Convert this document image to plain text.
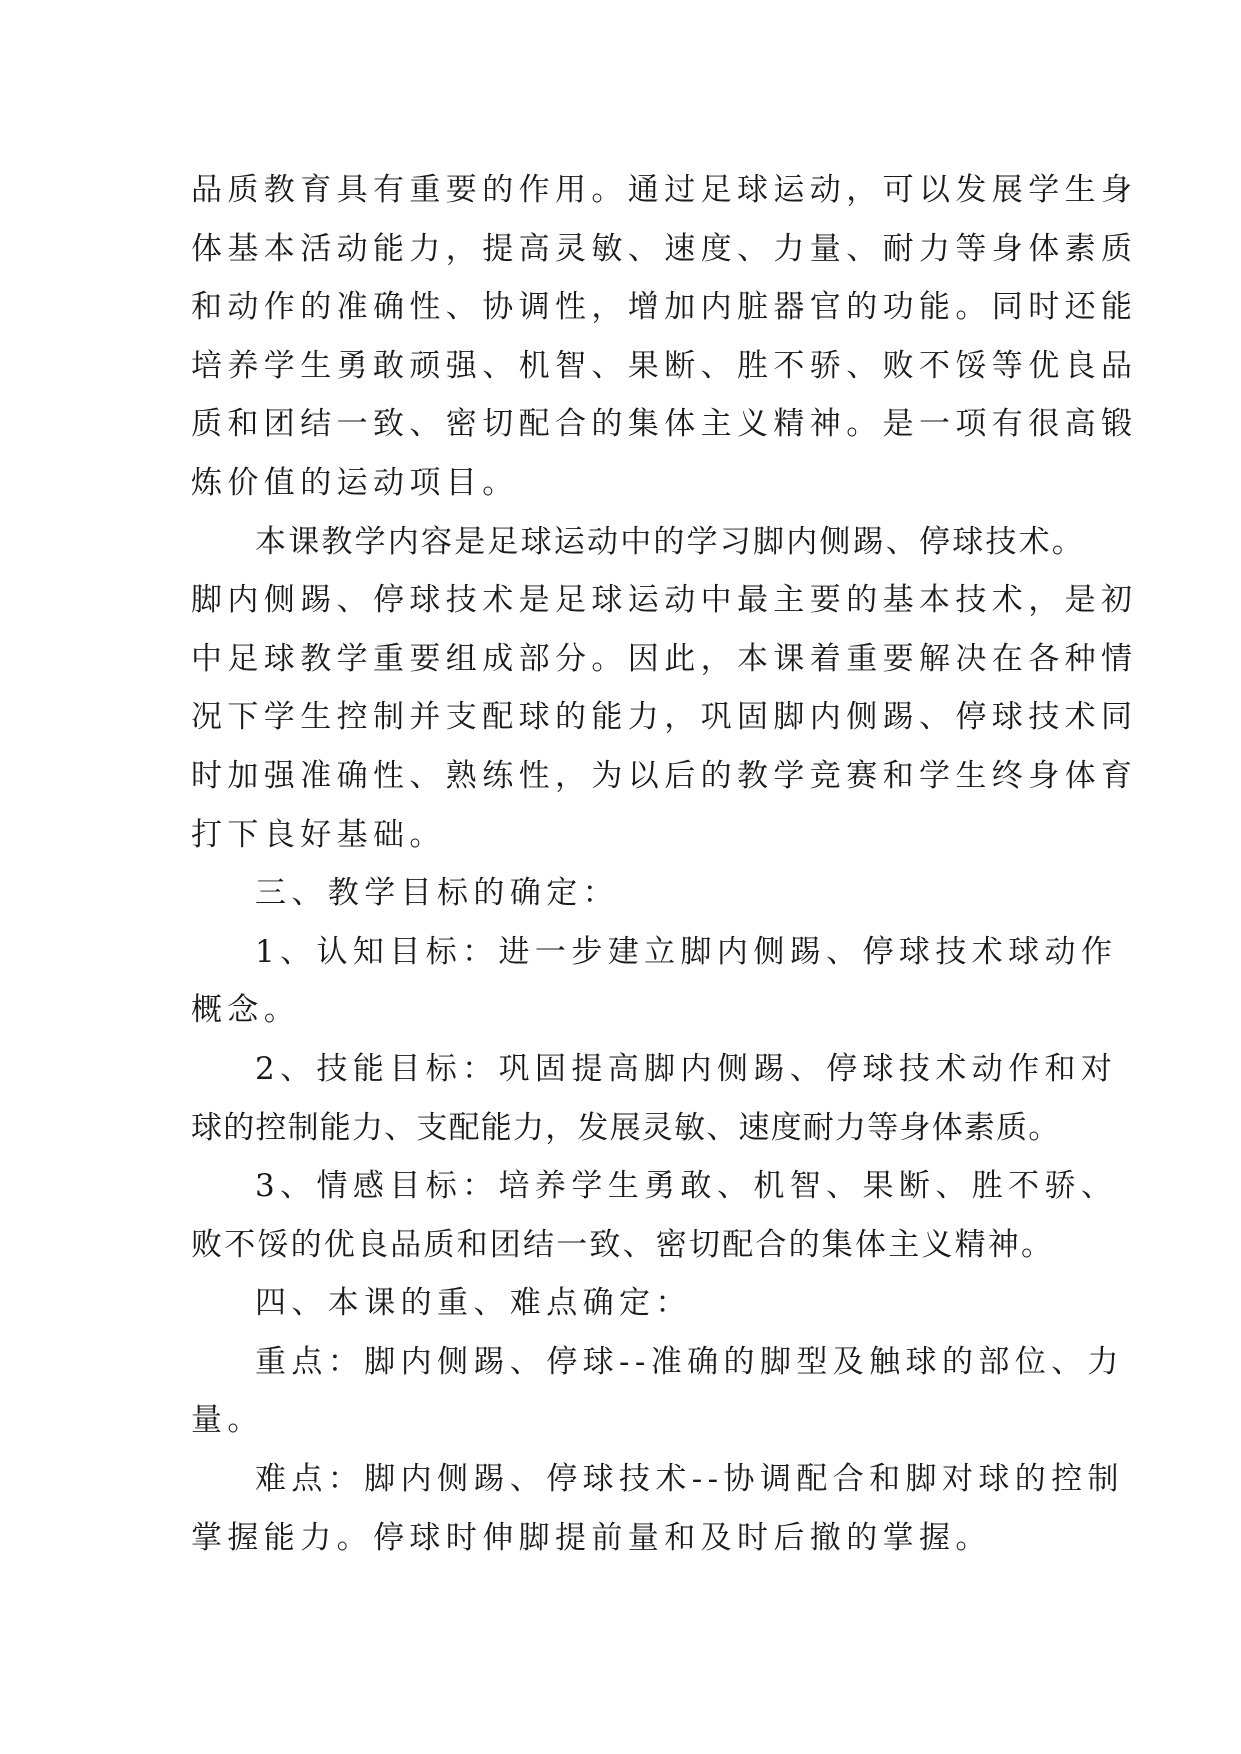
品质教育具有重要的作用。通过足球运动，可以发展学生身
体基本活动能力，提高灵敏、速度、力量、耐力等身体素质
和动作的准确性、协调性，增加内脏器官的功能。同时还能
培养学生勇敢顽强、机智、果断、胜不骄、败不馁等优良品
质和团结一致、密切配合的集体主义精神。是一项有很高锻
炼价值的运动项目。
本课教学内容是足球运动中的学习脚内侧踢、停球技术。
脚内侧踢、停球技术是足球运动中最主要的基本技术，是初
中足球教学重要组成部分。因此，本课着重要解决在各种情
况下学生控制并支配球的能力，巩固脚内侧踢、停球技术同
时加强准确性、熟练性，为以后的教学竞赛和学生终身体育
打下良好基础。
三、教学目标的确定：
1、认知目标：进一步建立脚内侧踢、停球技术球动作
概念。
2、技能目标：巩固提高脚内侧踢、停球技术动作和对
球的控制能力、支配能力，发展灵敏、速度耐力等身体素质。
3、情感目标：培养学生勇敢、机智、果断、胜不骄、
败不馁的优良品质和团结一致、密切配合的集体主义精神。
四、本课的重、难点确定：
重点：脚内侧踢、停球--准确的脚型及触球的部位、力
量。
难点：脚内侧踢、停球技术--协调配合和脚对球的控制
掌握能力。停球时伸脚提前量和及时后撤的掌握。
